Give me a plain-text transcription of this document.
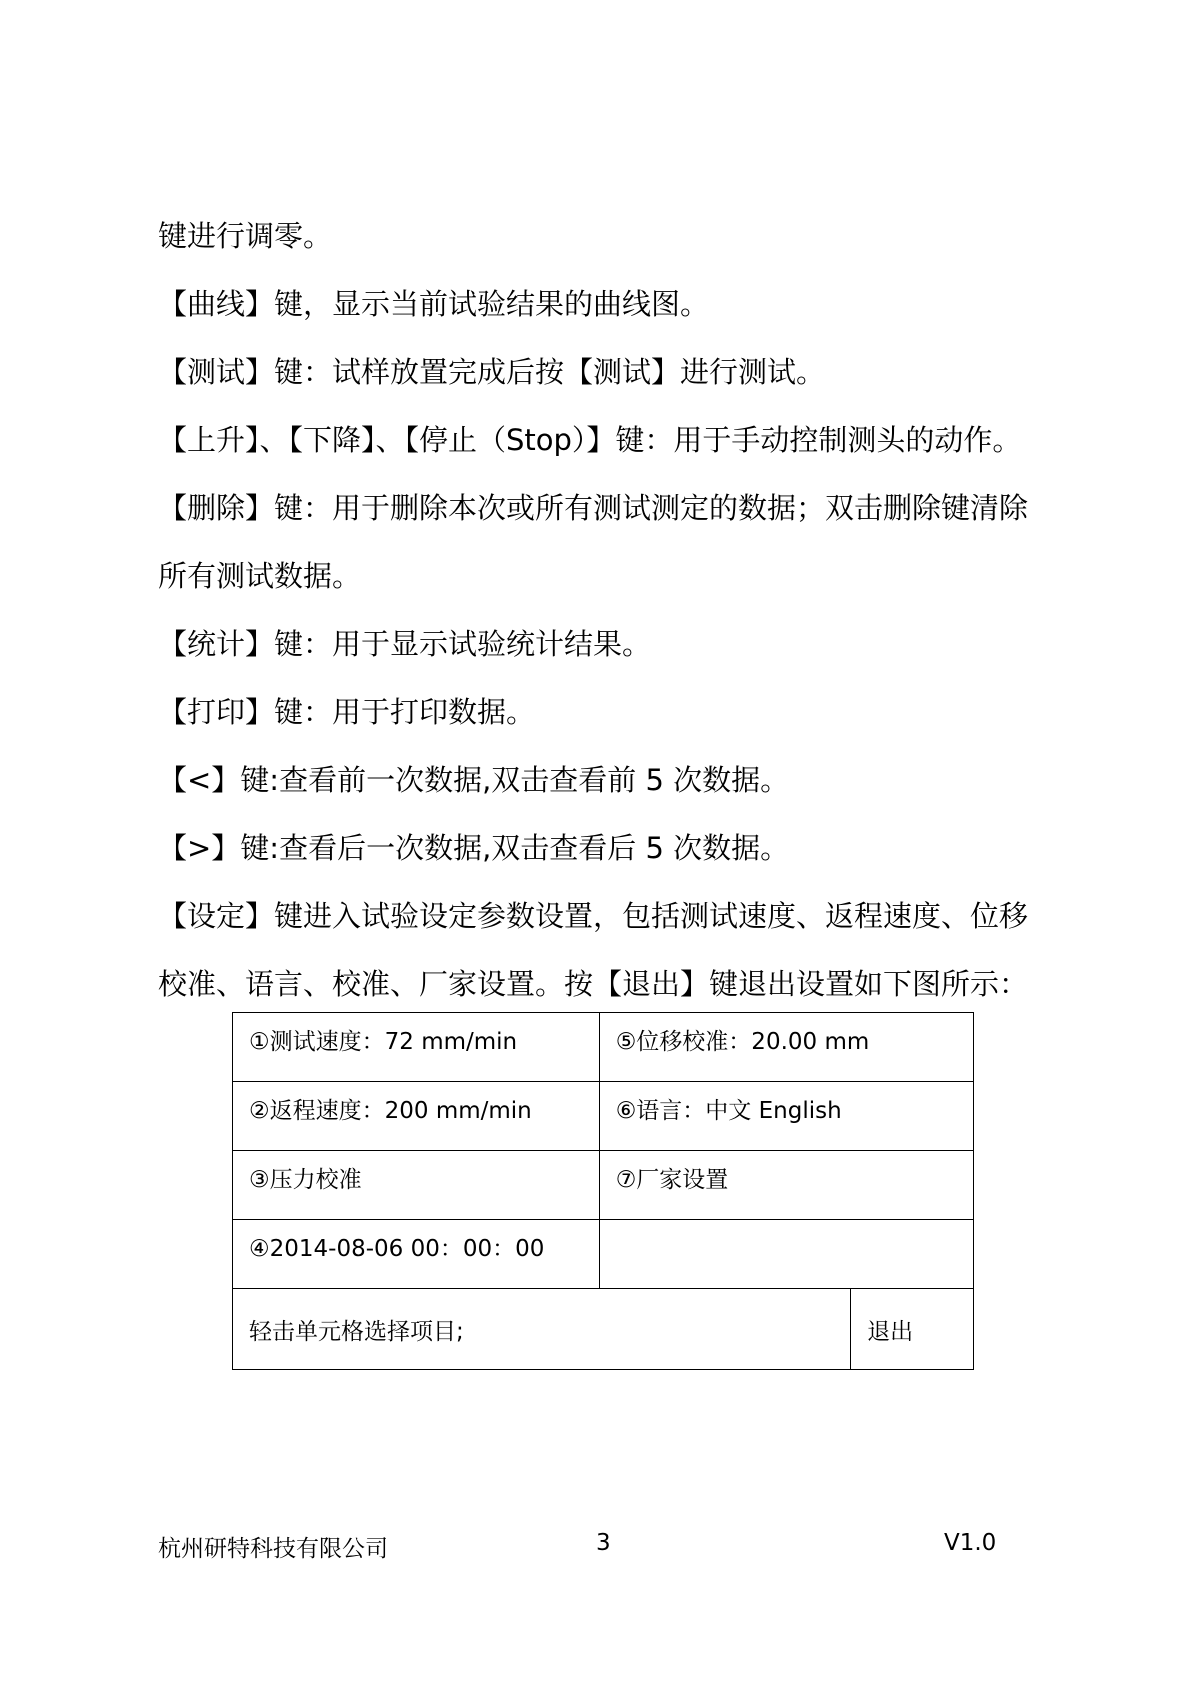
键进行调零。
【曲线】键，显示当前试验结果的曲线图。
【测试】键：试样放置完成后按【测试】进行测试。
【上升】、【下降】、【停止（Stop）】键：用于手动控制测头的动作。
【删除】键：用于删除本次或所有测试测定的数据；双击删除键清除
所有测试数据。
【统计】键：用于显示试验统计结果。
【打印】键：用于打印数据。
【<】键:查看前一次数据,双击查看前 5 次数据。
【>】键:查看后一次数据,双击查看后 5 次数据。
【设定】键进入试验设定参数设置，包括测试速度、返程速度、位移
校准、语言、校准、厂家设置。按【退出】键退出设置如下图所示：
①测试速度：72 mm/min	⑤位移校准：20.00 mm	
②返程速度：200 mm/min	⑥语言：中文 English	
③压力校准	⑦厂家设置	
④2014-08-06 00：00：00		
轻击单元格选择项目;		退出
杭州研特科技有限公司	3	V1.0
